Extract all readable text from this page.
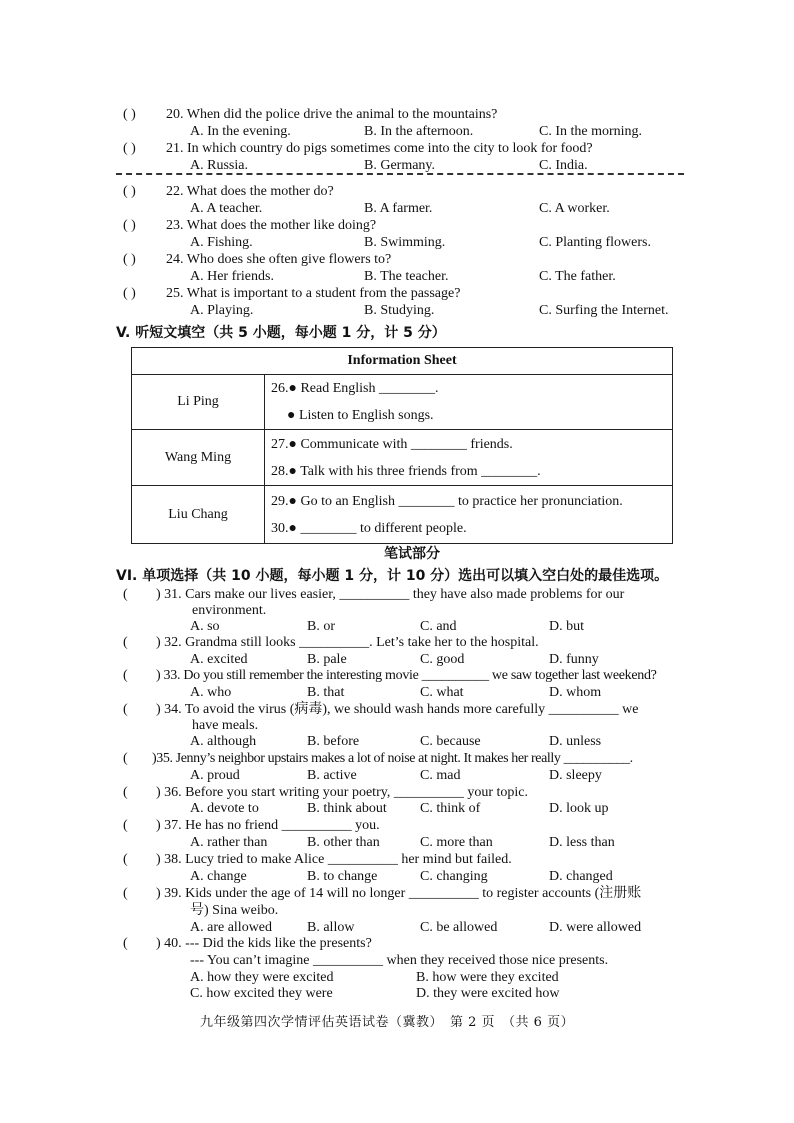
( ) 20. When did the police drive the animal to the mountains?
A. In the evening.	B. In the afternoon.	C. In the morning.
( ) 21. In which country do pigs sometimes come into the city to look for food?
A. Russia.	B. Germany.	C. India.
( ) 22. What does the mother do?
A. A teacher.	B. A farmer.	C. A worker.
( ) 23. What does the mother like doing?
A. Fishing.	B. Swimming.	C. Planting flowers.
( ) 24. Who does she often give flowers to?
A. Her friends.	B. The teacher.	C. The father.
( ) 25. What is important to a student from the passage?
A. Playing.	B. Studying.	C. Surfing the Internet.
V. 听短文填空（共 5 小题，每小题 1 分，计 5 分）
Information Sheet	
Li Ping	26.● Read English ________.
● Listen to English songs.

Wang Ming	27.● Communicate with ________ friends.
28.● Talk with his three friends from ________.

Liu Chang	29.● Go to an English ________ to practice her pronunciation.
30.● ________ to different people.
笔试部分
VI. 单项选择（共 10 小题，每小题 1 分，计 10 分）选出可以填入空白处的最佳选项。
( ) 31. Cars make our lives easier, __________ they have also made problems for our
environment.
A. so	B. or	C. and	D. but
( ) 32. Grandma still looks __________. Let’s take her to the hospital.
A. excited	B. pale	C. good	D. funny
( ) 33. Do you still remember the interesting movie __________ we saw together last weekend?
A. who	B. that	C. what	D. whom
( ) 34. To avoid the virus (病毒), we should wash hands more carefully __________ we
have meals.
A. although	B. before	C. because	D. unless
( )35. Jenny’s neighbor upstairs makes a lot of noise at night. It makes her really __________.
A. proud	B. active	C. mad	D. sleepy
( ) 36. Before you start writing your poetry, __________ your topic.
A. devote to	B. think about C. think of	D. look up
( ) 37. He has no friend __________ you.
A. rather than	B. other than	C. more than	D. less than
( ) 38. Lucy tried to make Alice __________ her mind but failed.
A. change	B. to change	C. changing	D. changed
( ) 39. Kids under the age of 14 will no longer __________ to register accounts (注册账
号) Sina weibo.
A. are allowed B. allow	C. be allowed	D. were allowed
( ) 40. --- Did the kids like the presents?
--- You can’t imagine __________ when they received those nice presents.
A. how they were excited	B. how were they excited
C. how excited they were	D. they were excited how
九年级第四次学情评估英语试卷（冀教）　第 2 页　（共 6 页）
